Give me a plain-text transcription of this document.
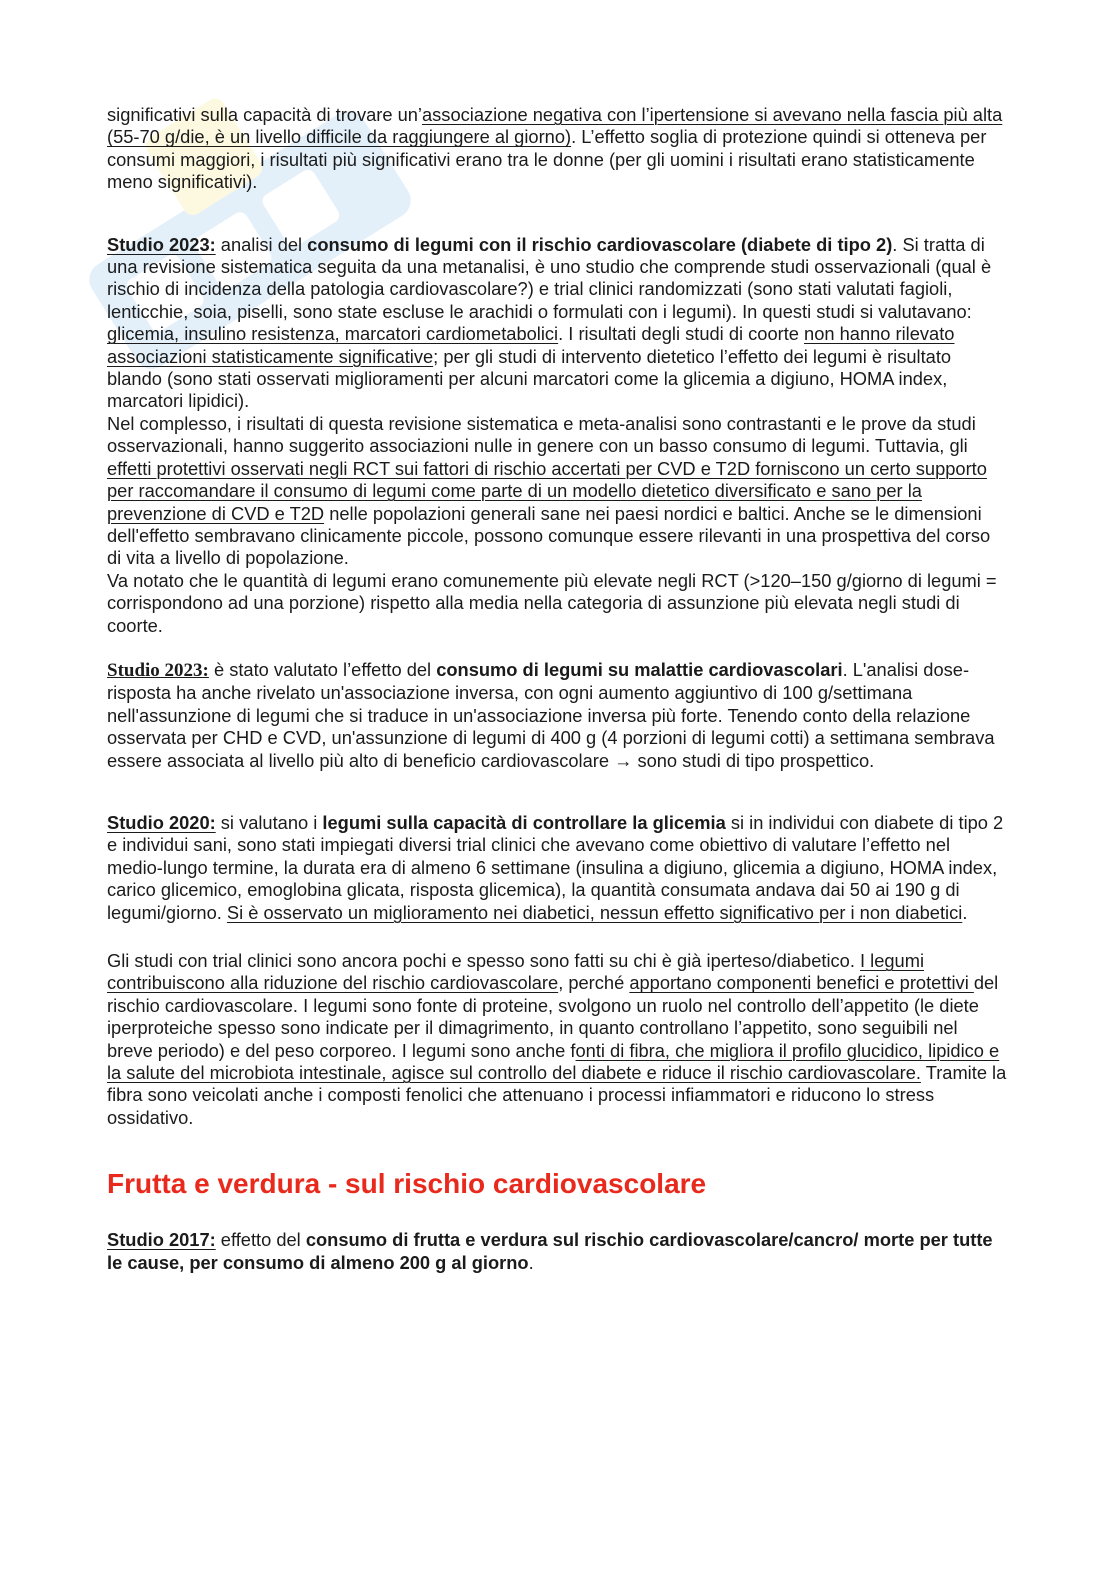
significativi sulla capacità di trovare un’associazione negativa con l’ipertensione si avevano nella fascia più alta (55-70 g/die, è un livello difficile da raggiungere al giorno). L’effetto soglia di protezione quindi si otteneva per consumi maggiori, i risultati più significativi erano tra le donne (per gli uomini i risultati erano statisticamente meno significativi).

Studio 2023: analisi del consumo di legumi con il rischio cardiovascolare (diabete di tipo 2). Si tratta di una revisione sistematica seguita da una metanalisi, è uno studio che comprende studi osservazionali (qual è rischio di incidenza della patologia cardiovascolare?) e trial clinici randomizzati (sono stati valutati fagioli, lenticchie, soia, piselli, sono state escluse le arachidi o formulati con i legumi). In questi studi si valutavano: glicemia, insulino resistenza, marcatori cardiometabolici. I risultati degli studi di coorte non hanno rilevato associazioni statisticamente significative; per gli studi di intervento dietetico l’effetto dei legumi è risultato blando (sono stati osservati miglioramenti per alcuni marcatori come la glicemia a digiuno, HOMA index, marcatori lipidici).

Nel complesso, i risultati di questa revisione sistematica e meta-analisi sono contrastanti e le prove da studi osservazionali, hanno suggerito associazioni nulle in genere con un basso consumo di legumi. Tuttavia, gli effetti protettivi osservati negli RCT sui fattori di rischio accertati per CVD e T2D forniscono un certo supporto per raccomandare il consumo di legumi come parte di un modello dietetico diversificato e sano per la prevenzione di CVD e T2D nelle popolazioni generali sane nei paesi nordici e baltici. Anche se le dimensioni dell'effetto sembravano clinicamente piccole, possono comunque essere rilevanti in una prospettiva del corso di vita a livello di popolazione.

Va notato che le quantità di legumi erano comunemente più elevate negli RCT (>120–150 g/giorno di legumi = corrispondono ad una porzione) rispetto alla media nella categoria di assunzione più elevata negli studi di coorte.

Studio 2023: è stato valutato l’effetto del consumo di legumi su malattie cardiovascolari. L'analisi dose-risposta ha anche rivelato un'associazione inversa, con ogni aumento aggiuntivo di 100 g/settimana nell'assunzione di legumi che si traduce in un'associazione inversa più forte. Tenendo conto della relazione osservata per CHD e CVD, un'assunzione di legumi di 400 g (4 porzioni di legumi cotti) a settimana sembrava essere associata al livello più alto di beneficio cardiovascolare → sono studi di tipo prospettico.

Studio 2020: si valutano i legumi sulla capacità di controllare la glicemia si in individui con diabete di tipo 2 e individui sani, sono stati impiegati diversi trial clinici che avevano come obiettivo di valutare l’effetto nel medio-lungo termine, la durata era di almeno 6 settimane (insulina a digiuno, glicemia a digiuno, HOMA index, carico glicemico, emoglobina glicata, risposta glicemica), la quantità consumata andava dai 50 ai 190 g di legumi/giorno. Si è osservato un miglioramento nei diabetici, nessun effetto significativo per i non diabetici.

Gli studi con trial clinici sono ancora pochi e spesso sono fatti su chi è già iperteso/diabetico. I legumi contribuiscono alla riduzione del rischio cardiovascolare, perché apportano componenti benefici e protettivi del rischio cardiovascolare. I legumi sono fonte di proteine, svolgono un ruolo nel controllo dell’appetito (le diete iperproteiche spesso sono indicate per il dimagrimento, in quanto controllano l’appetito, sono seguibili nel breve periodo) e del peso corporeo. I legumi sono anche fonti di fibra, che migliora il profilo glucidico, lipidico e la salute del microbiota intestinale, agisce sul controllo del diabete e riduce il rischio cardiovascolare. Tramite la fibra sono veicolati anche i composti fenolici che attenuano i processi infiammatori e riducono lo stress ossidativo.

Frutta e verdura - sul rischio cardiovascolare

Studio 2017: effetto del consumo di frutta e verdura sul rischio cardiovascolare/cancro/ morte per tutte le cause, per consumo di almeno 200 g al giorno.
